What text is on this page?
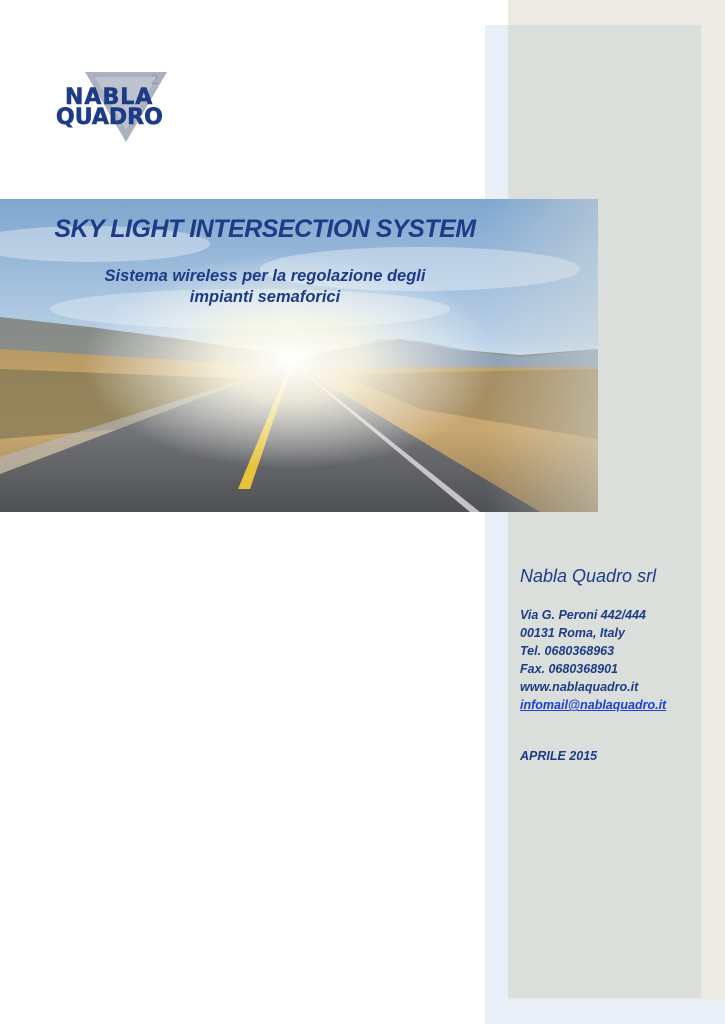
2
NABLA
QUADRO
SKY LIGHT INTERSECTION SYSTEM

Sistema wireless per la regolazione degli
impianti semaforici

Nabla Quadro srl
Via G. Peroni 442/444
00131 Roma, Italy
Tel. 0680368963
Fax. 0680368901
www.nablaquadro.it
infomail@nablaquadro.it
APRILE 2015
